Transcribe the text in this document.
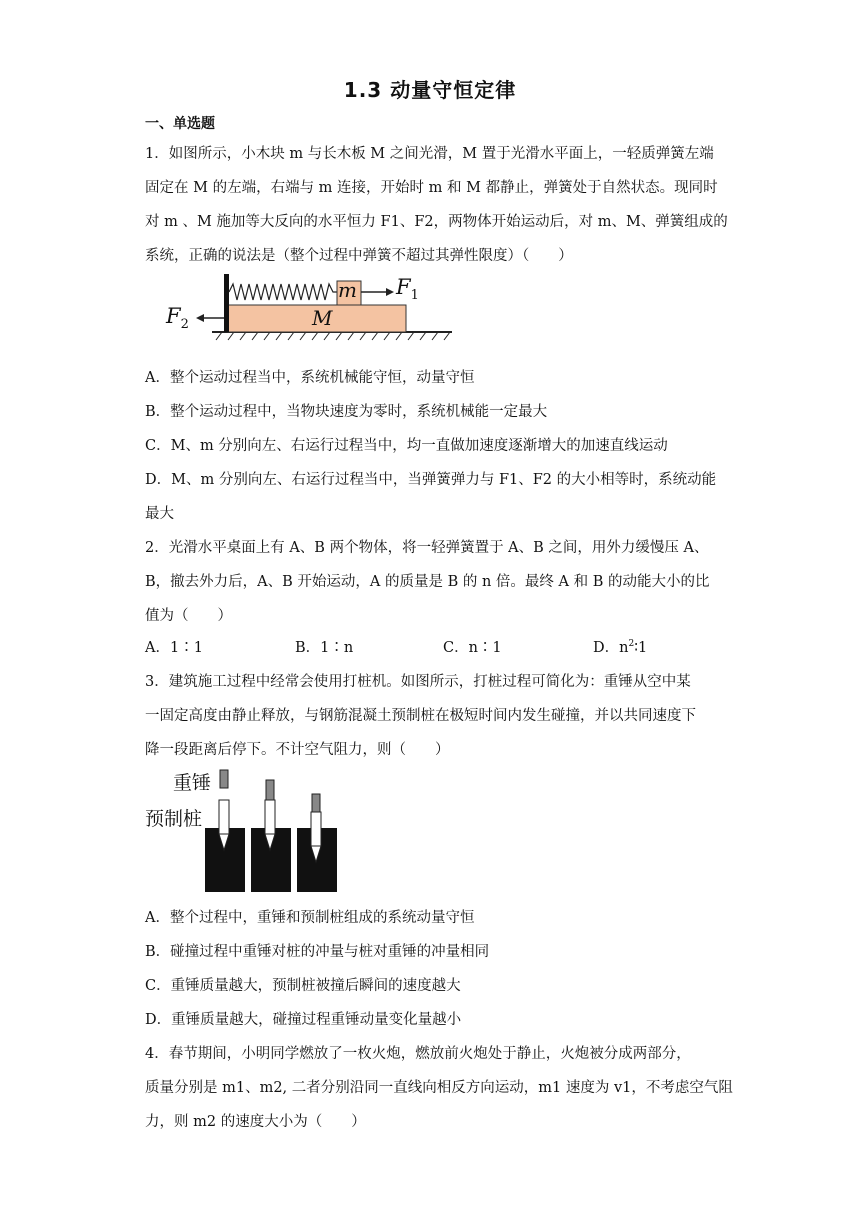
1.3 动量守恒定律
一、单选题
1．如图所示，小木块 m 与长木板 M 之间光滑，M 置于光滑水平面上，一轻质弹簧左端
固定在 M 的左端，右端与 m 连接，开始时 m 和 M 都静止，弹簧处于自然状态。现同时
对 m 、M 施加等大反向的水平恒力 F1、F2，两物体开始运动后，对 m、M、弹簧组成的
系统，正确的说法是（整个过程中弹簧不超过其弹性限度）（　　）
m
M
$F_1$
$F_2$
A．整个运动过程当中，系统机械能守恒，动量守恒
B．整个运动过程中，当物块速度为零时，系统机械能一定最大
C．M、m 分别向左、右运行过程当中，均一直做加速度逐渐增大的加速直线运动
D．M、m 分别向左、右运行过程当中，当弹簧弹力与 F1、F2 的大小相等时，系统动能
最大
2．光滑水平桌面上有 A、B 两个物体，将一轻弹簧置于 A、B 之间，用外力缓慢压 A、
B，撤去外力后，A、B 开始运动，A 的质量是 B 的 n 倍。最终 A 和 B 的动能大小的比
值为（　　）
A．1∶1	B．1∶n	C．n∶1	D．$n^2∶1$
3．建筑施工过程中经常会使用打桩机。如图所示，打桩过程可简化为：重锤从空中某
一固定高度由静止释放，与钢筋混凝土预制桩在极短时间内发生碰撞，并以共同速度下
降一段距离后停下。不计空气阻力，则（　　）
重锤
预制桩
A．整个过程中，重锤和预制桩组成的系统动量守恒
B．碰撞过程中重锤对桩的冲量与桩对重锤的冲量相同
C．重锤质量越大，预制桩被撞后瞬间的速度越大
D．重锤质量越大，碰撞过程重锤动量变化量越小
4．春节期间，小明同学燃放了一枚火炮，燃放前火炮处于静止，火炮被分成两部分，
质量分别是 m1、m2, 二者分别沿同一直线向相反方向运动，m1 速度为 v1，不考虑空气阻
力，则 m2 的速度大小为（　　）
